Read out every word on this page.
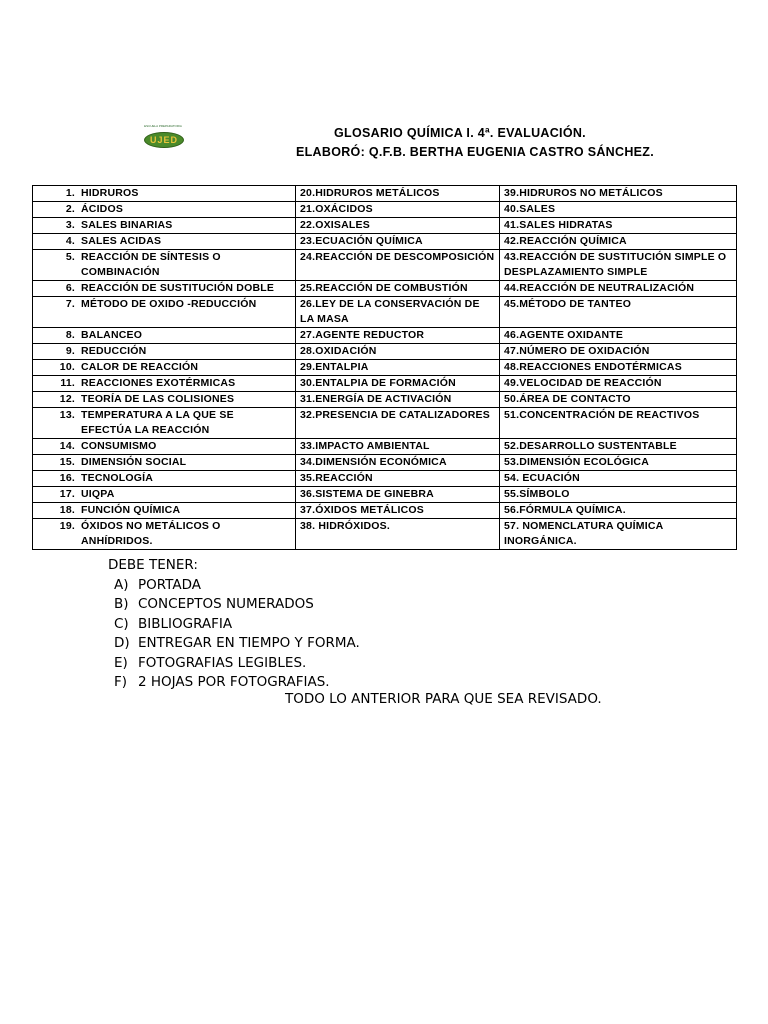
ESCUELA PREPARATORIA
UJED	GLOSARIO QUÍMICA I. 4ª. EVALUACIÓN.
ELABORÓ: Q.F.B. BERTHA EUGENIA CASTRO SÁNCHEZ.
1. HIDRUROS	20.HIDRUROS METÁLICOS	39.HIDRUROS NO METÁLICOS
2. ÁCIDOS	21.OXÁCIDOS	40.SALES
3. SALES BINARIAS	22.OXISALES	41.SALES HIDRATAS
4. SALES ACIDAS	23.ECUACIÓN QUÍMICA	42.REACCIÓN QUÍMICA
5. REACCIÓN DE SÍNTESIS O COMBINACIÓN	24.REACCIÓN DE DESCOMPOSICIÓN	43.REACCIÓN DE SUSTITUCIÓN SIMPLE O DESPLAZAMIENTO SIMPLE
6. REACCIÓN DE SUSTITUCIÓN DOBLE	25.REACCIÓN DE COMBUSTIÓN	44.REACCIÓN DE NEUTRALIZACIÓN
7. MÉTODO DE OXIDO -REDUCCIÓN	26.LEY DE LA CONSERVACIÓN DE LA MASA	45.MÉTODO DE TANTEO
8. BALANCEO	27.AGENTE REDUCTOR	46.AGENTE OXIDANTE
9. REDUCCIÓN	28.OXIDACIÓN	47.NÚMERO DE OXIDACIÓN
10. CALOR DE REACCIÓN	29.ENTALPIA	48.REACCIONES ENDOTÉRMICAS
11. REACCIONES EXOTÉRMICAS	30.ENTALPIA DE FORMACIÓN	49.VELOCIDAD DE REACCIÓN
12. TEORÍA DE LAS COLISIONES	31.ENERGÍA DE ACTIVACIÓN	50.ÁREA DE CONTACTO
13. TEMPERATURA A LA QUE SE EFECTÚA LA REACCIÓN	32.PRESENCIA DE CATALIZADORES	51.CONCENTRACIÓN DE REACTIVOS
14. CONSUMISMO	33.IMPACTO AMBIENTAL	52.DESARROLLO SUSTENTABLE
15. DIMENSIÓN SOCIAL	34.DIMENSIÓN ECONÓMICA	53.DIMENSIÓN ECOLÓGICA
16. TECNOLOGÍA	35.REACCIÓN	54. ECUACIÓN
17. UIQPA	36.SISTEMA DE GINEBRA	55.SÍMBOLO
18. FUNCIÓN QUÍMICA	37.ÓXIDOS METÁLICOS	56.FÓRMULA QUÍMICA.
19. ÓXIDOS NO METÁLICOS O ANHÍDRIDOS.	38. HIDRÓXIDOS.	57. NOMENCLATURA QUÍMICA INORGÁNICA.
DEBE TENER:
A) PORTADA
B) CONCEPTOS NUMERADOS
C) BIBLIOGRAFIA
D) ENTREGAR EN TIEMPO Y FORMA.
E) FOTOGRAFIAS LEGIBLES.
F) 2 HOJAS POR FOTOGRAFIAS.
TODO LO ANTERIOR PARA QUE SEA REVISADO.
